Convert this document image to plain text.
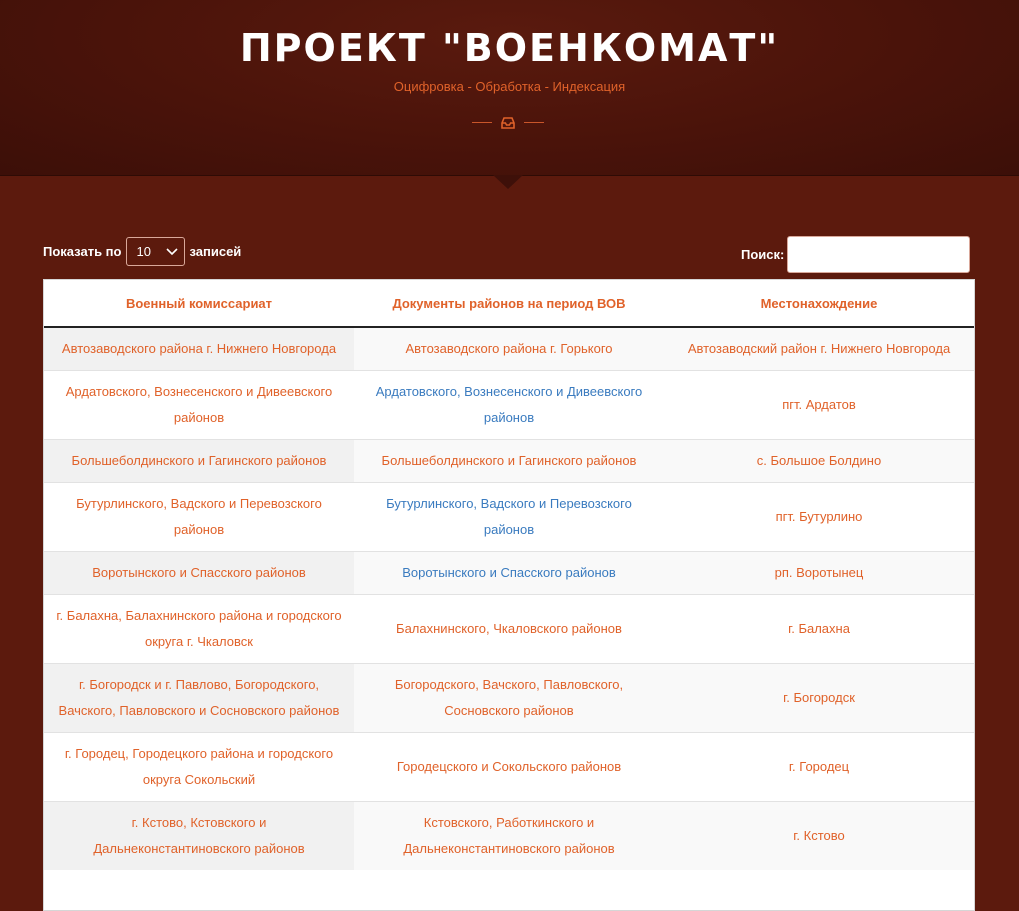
ПРОЕКТ "ВОЕНКОМАТ"
Оцифровка - Обработка - Индексация
Показать по 10	записей	Поиск:
Военный комиссариат	Документы районов на период ВОВ	Местонахождение
Автозаводского района г. Нижнего Новгорода	Автозаводского района г. Горького	Автозаводский район г. Нижнего Новгорода
Ардатовского, Вознесенского и Дивеевского районов	Ардатовского, Вознесенского и Дивеевского районов	пгт. Ардатов
Большеболдинского и Гагинского районов	Большеболдинского и Гагинского районов	с. Большое Болдино
Бутурлинского, Вадского и Перевозского районов	Бутурлинского, Вадского и Перевозского районов	пгт. Бутурлино
Воротынского и Спасского районов	Воротынского и Спасского районов	рп. Воротынец
г. Балахна, Балахнинского района и городского округа г. Чкаловск	Балахнинского, Чкаловского районов	г. Балахна
г. Богородск и г. Павлово, Богородского, Вачского, Павловского и Сосновского районов	Богородского, Вачского, Павловского, Сосновского районов	г. Богородск
г. Городец, Городецкого района и городского округа Сокольский	Городецского и Сокольского районов	г. Городец
г. Кстово, Кстовского и Дальнеконстантиновского районов	Кстовского, Работкинского и Дальнеконстантиновского районов	г. Кстово
